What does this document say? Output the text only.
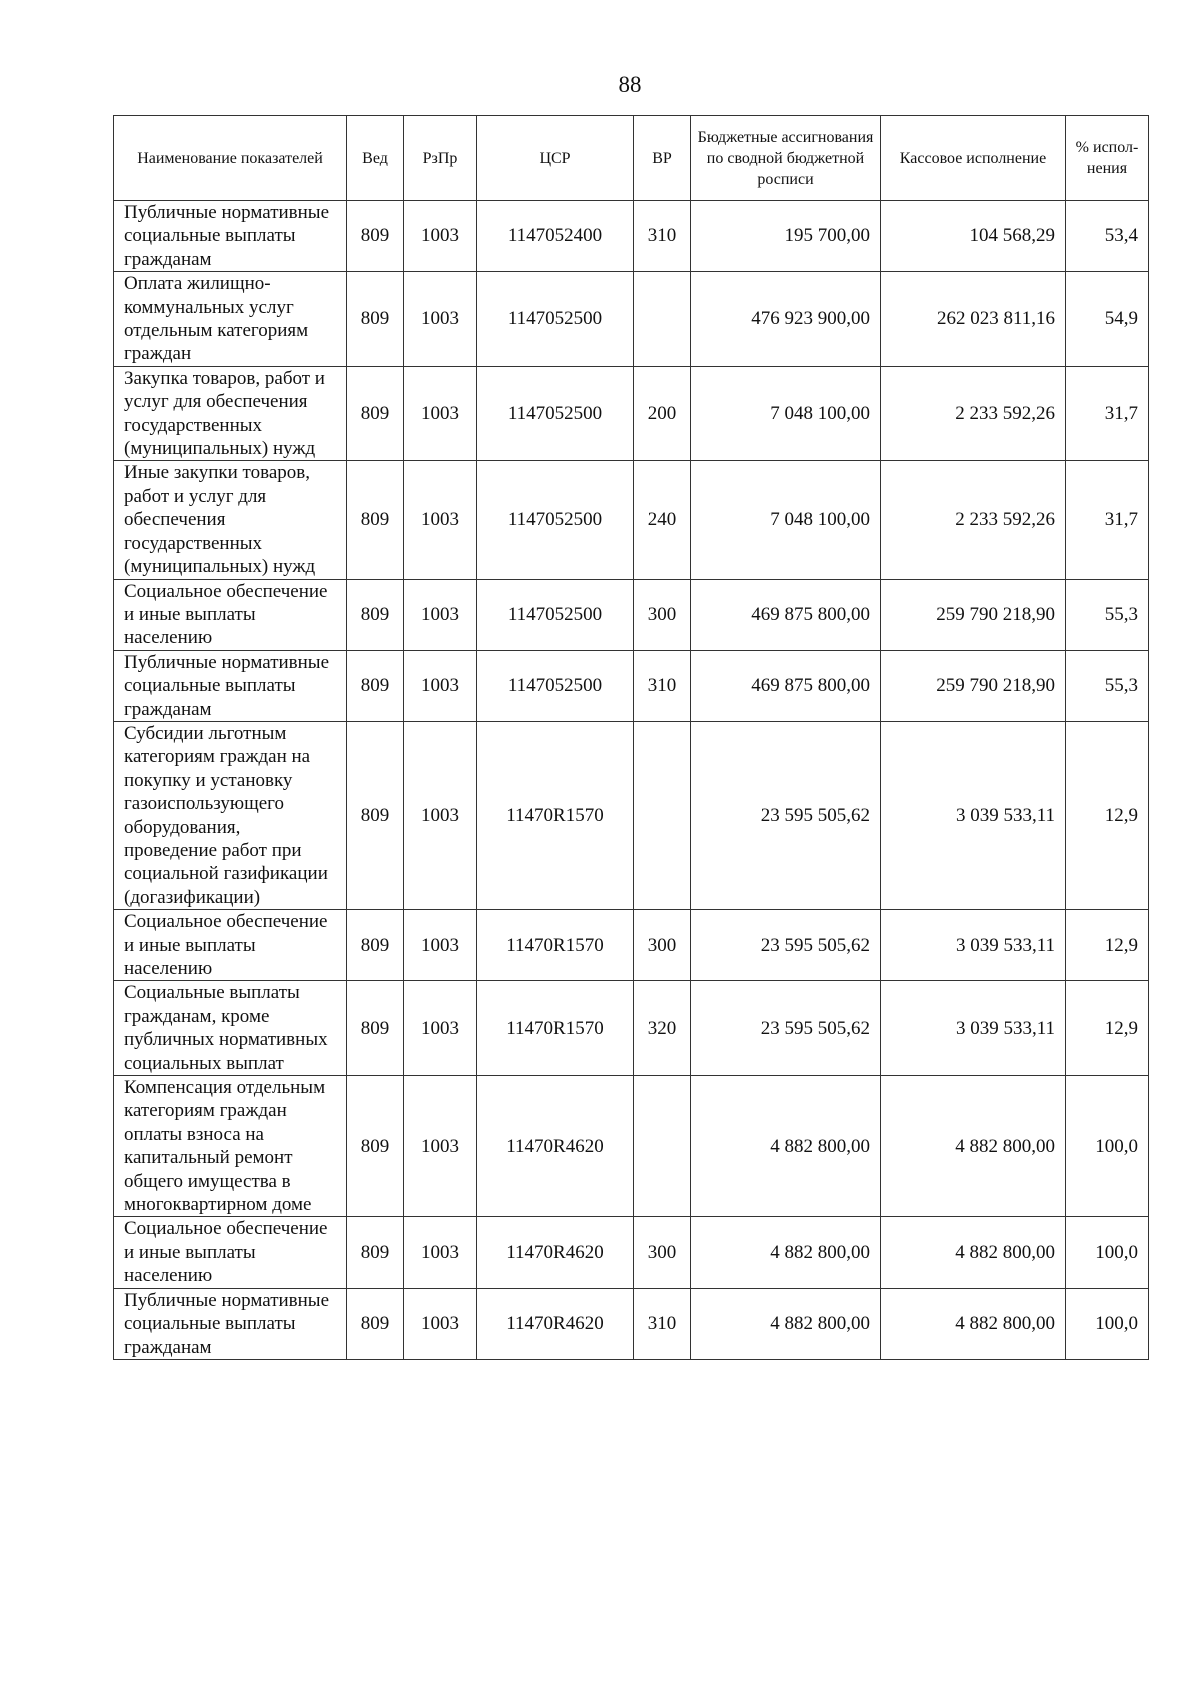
88
Наименование показателей	Вед	РзПр	ЦСР	ВР	Бюджетные ассигнования по сводной бюджетной росписи	Кассовое исполнение	% испол-нения
Публичные нормативные социальные выплаты гражданам	809	1003	1147052400	310	195 700,00	104 568,29	53,4
Оплата жилищно-коммунальных услуг отдельным категориям граждан	809	1003	1147052500		476 923 900,00	262 023 811,16	54,9
Закупка товаров, работ и услуг для обеспечения государственных (муниципальных) нужд	809	1003	1147052500	200	7 048 100,00	2 233 592,26	31,7
Иные закупки товаров, работ и услуг для обеспечения государственных (муниципальных) нужд	809	1003	1147052500	240	7 048 100,00	2 233 592,26	31,7
Социальное обеспечение и иные выплаты населению	809	1003	1147052500	300	469 875 800,00	259 790 218,90	55,3
Публичные нормативные социальные выплаты гражданам	809	1003	1147052500	310	469 875 800,00	259 790 218,90	55,3
Субсидии льготным категориям граждан на покупку и установку газоиспользующего оборудования, проведение работ при социальной газификации (догазификации)	809	1003	11470R1570		23 595 505,62	3 039 533,11	12,9
Социальное обеспечение и иные выплаты населению	809	1003	11470R1570	300	23 595 505,62	3 039 533,11	12,9
Социальные выплаты гражданам, кроме публичных нормативных социальных выплат	809	1003	11470R1570	320	23 595 505,62	3 039 533,11	12,9
Компенсация отдельным категориям граждан оплаты взноса на капитальный ремонт общего имущества в многоквартирном доме	809	1003	11470R4620		4 882 800,00	4 882 800,00	100,0
Социальное обеспечение и иные выплаты населению	809	1003	11470R4620	300	4 882 800,00	4 882 800,00	100,0
Публичные нормативные социальные выплаты гражданам	809	1003	11470R4620	310	4 882 800,00	4 882 800,00	100,0
